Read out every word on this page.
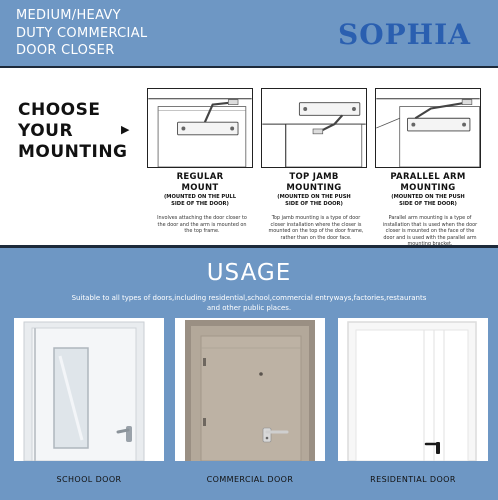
MEDIUM/HEAVY
DUTY COMMERCIAL
DOOR CLOSER	SOPHIA
CHOOSE
YOUR
MOUNTING
▶
REGULAR
MOUNT
TOP JAMB
MOUNTING
PARALLEL ARM
MOUNTING
(MOUNTED ON THE PULL
SIDE OF THE DOOR)
(MOUNTED ON THE PUSH
SIDE OF THE DOOR)
(MOUNTED ON THE PUSH
SIDE OF THE DOOR)
Involves attaching the door closer to
the door and the arm is mounted on
the top frame.
Top jamb mounting is a type of door
closer installation where the closer is
mounted on the top of the door frame,
rather than on the door face.
Parallel arm mounting is a type of
installation that is used when the door
closer is mounted on the face of the
door and is used with the parallel arm
mounting bracket.
USAGE
Suitable to all types of doors,including residential,school,commercial entryways,factories,restaurants
and other public places.
SCHOOL DOOR	COMMERCIAL DOOR	RESIDENTIAL DOOR
